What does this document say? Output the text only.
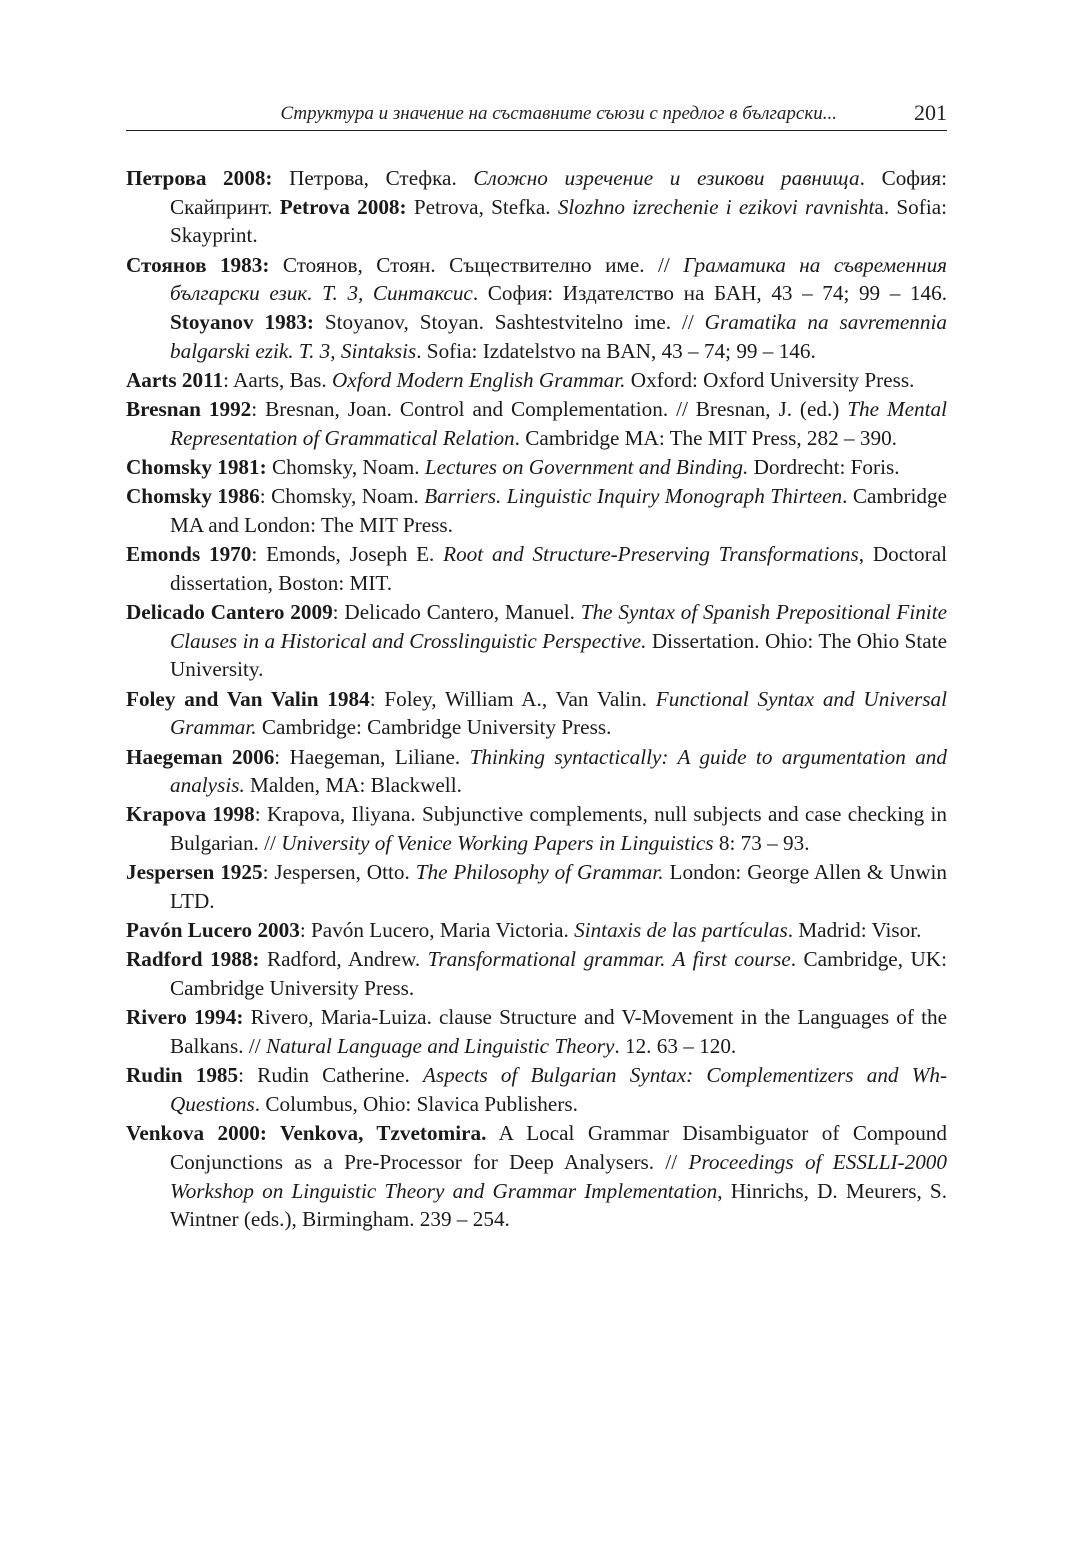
Структура и значение на съставните съюзи с предлог в български...	201

Петрова 2008: Петрова, Стефка. Сложно изречение и езикови равнища. София: Скайпринт. Petrova 2008: Petrova, Stefka. Slozhno izrechenie i ezikovi ravnishta. Sofia: Skayprint.

Стоянов 1983: Стоянов, Стоян. Съществително име. // Граматика на съвременния български език. Т. 3, Синтаксис. София: Издателство на БАН, 43 – 74; 99 – 146. Stoyanov 1983: Stoyanov, Stoyan. Sashtestvitelno ime. // Gramatika na savremennia balgarski ezik. T. 3, Sintaksis. Sofia: Izdatelstvo na BAN, 43 – 74; 99 – 146.

Aarts 2011: Aarts, Bas. Oxford Modern English Grammar. Oxford: Oxford University Press.

Bresnan 1992: Bresnan, Joan. Control and Complementation. // Bresnan, J. (ed.) The Mental Representation of Grammatical Relation. Cambridge MA: The MIT Press, 282 – 390.

Chomsky 1981: Chomsky, Noam. Lectures on Government and Binding. Dordrecht: Foris.

Chomsky 1986: Chomsky, Noam. Barriers. Linguistic Inquiry Monograph Thirteen. Cambridge MA and London: The MIT Press.

Emonds 1970: Emonds, Joseph E. Root and Structure-Preserving Transformations, Doctoral dissertation, Boston: MIT.

Delicado Cantero 2009: Delicado Cantero, Manuel. The Syntax of Spanish Prepositional Finite Clauses in a Historical and Crosslinguistic Perspective. Dissertation. Ohio: The Ohio State University.

Foley and Van Valin 1984: Foley, William A., Van Valin. Functional Syntax and Universal Grammar. Cambridge: Cambridge University Press.

Haegeman 2006: Haegeman, Liliane. Thinking syntactically: A guide to argumentation and analysis. Malden, MA: Blackwell.

Krapova 1998: Krapova, Iliyana. Subjunctive complements, null subjects and case checking in Bulgarian. // University of Venice Working Papers in Linguistics 8: 73 – 93.

Jespersen 1925: Jespersen, Otto. The Philosophy of Grammar. London: George Allen & Unwin LTD.

Pavón Lucero 2003: Pavón Lucero, Maria Victoria. Sintaxis de las partículas. Madrid: Visor.

Radford 1988: Radford, Andrew. Transformational grammar. A first course. Cambridge, UK: Cambridge University Press.

Rivero 1994: Rivero, Maria-Luiza. clause Structure and V-Movement in the Languages of the Balkans. // Natural Language and Linguistic Theory. 12. 63 – 120.

Rudin 1985: Rudin Catherine. Aspects of Bulgarian Syntax: Complementizers and Wh-Questions. Columbus, Ohio: Slavica Publishers.

Venkova 2000: Venkova, Tzvetomira. A Local Grammar Disambiguator of Compound Conjunctions as a Pre-Processor for Deep Analysers. // Proceedings of ESSLLI-2000 Workshop on Linguistic Theory and Grammar Implementation, Hinrichs, D. Meurers, S. Wintner (eds.), Birmingham. 239 – 254.
